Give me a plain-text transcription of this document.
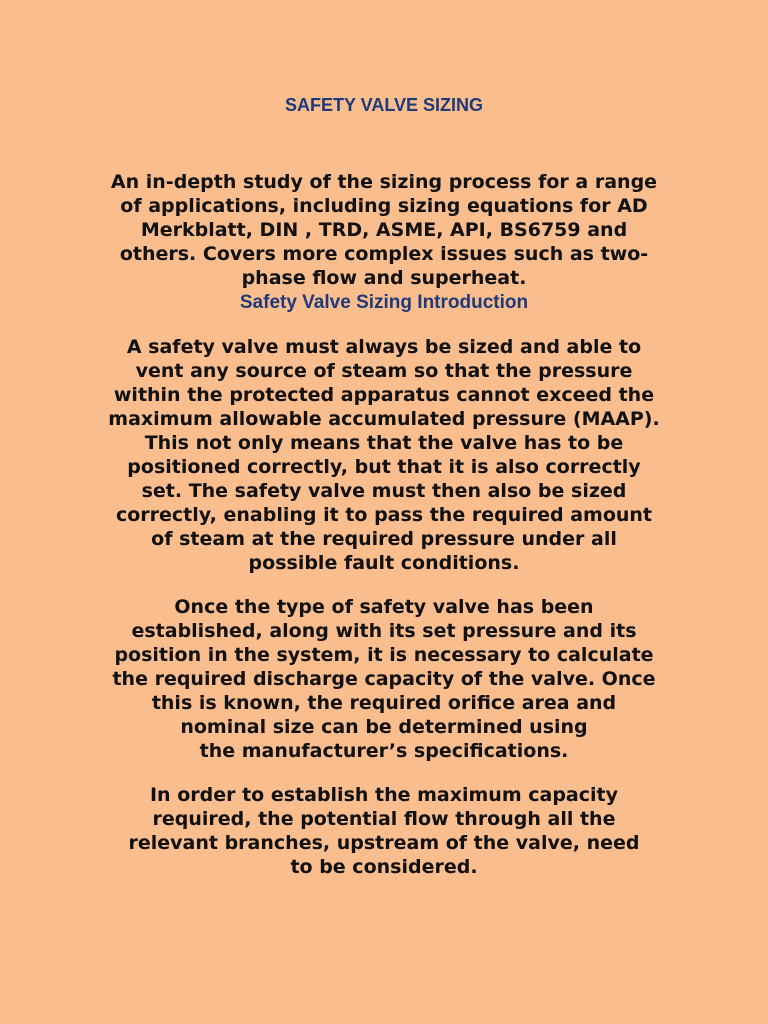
SAFETY VALVE SIZING

An in-depth study of the sizing process for a range
of applications, including sizing equations for AD
Merkblatt, DIN , TRD, ASME, API, BS6759 and
others. Covers more complex issues such as two-
phase flow and superheat.

Safety Valve Sizing Introduction

A safety valve must always be sized and able to
vent any source of steam so that the pressure
within the protected apparatus cannot exceed the
maximum allowable accumulated pressure (MAAP).
This not only means that the valve has to be
positioned correctly, but that it is also correctly
set. The safety valve must then also be sized
correctly, enabling it to pass the required amount
of steam at the required pressure under all
possible fault conditions.

Once the type of safety valve has been
established, along with its set pressure and its
position in the system, it is necessary to calculate
the required discharge capacity of the valve. Once
this is known, the required orifice area and
nominal size can be determined using
the manufacturer’s specifications.

In order to establish the maximum capacity
required, the potential flow through all the
relevant branches, upstream of the valve, need
to be considered.
